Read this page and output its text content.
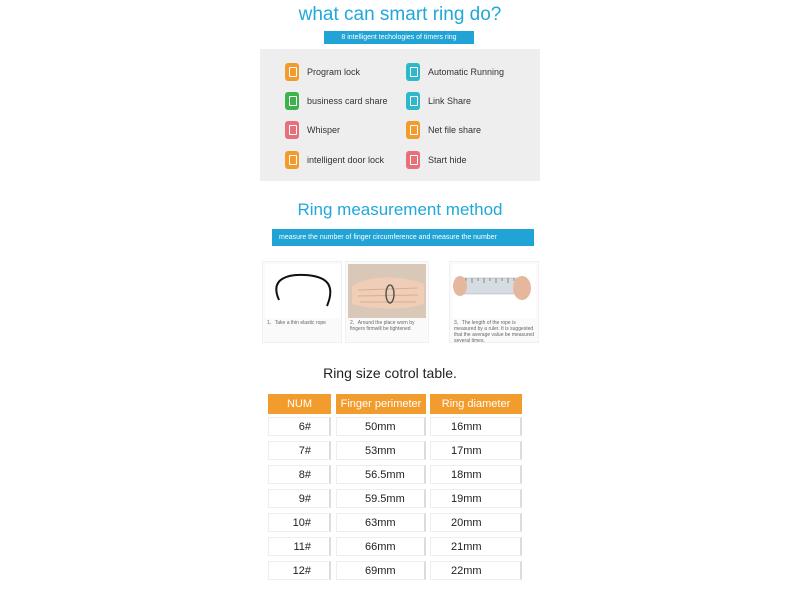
what can smart ring do?
8 intelligent techologies of timers ring
Program lock	Automatic Running
business card share	Link Share
Whisper	Net file share
intelligent door lock	Start hide
Ring measurement method
measure the number of finger circumference and measure the number
1、Take a thin elastic rope	2、Around the place worn by fingers firmwill be tightened
3、The length of the rope is measured by a ruler. It is suggested that the average value be measured several times.
Ring size cotrol table.
NUM	Finger perimeter	Ring diameter
6#	50mm	16mm
7#	53mm	17mm
8#	56.5mm	18mm
9#	59.5mm	19mm
10#	63mm	20mm
11#	66mm	21mm
12#	69mm	22mm
